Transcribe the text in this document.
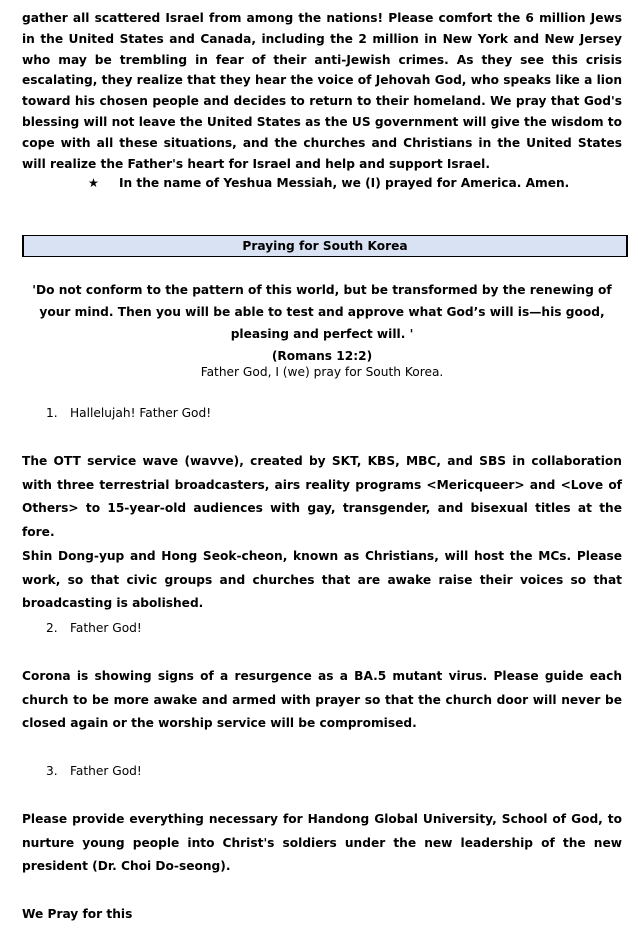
gather all scattered Israel from among the nations! Please comfort the 6 million Jews in the United States and Canada, including the 2 million in New York and New Jersey who may be trembling in fear of their anti-Jewish crimes. As they see this crisis escalating, they realize that they hear the voice of Jehovah God, who speaks like a lion toward his chosen people and decides to return to their homeland. We pray that God's blessing will not leave the United States as the US government will give the wisdom to cope with all these situations, and the churches and Christians in the United States will realize the Father's heart for Israel and help and support Israel.

★ In the name of Yeshua Messiah, we (I) prayed for America. Amen.
Praying for South Korea

'Do not conform to the pattern of this world, but be transformed by the renewing of your mind. Then you will be able to test and approve what God’s will is—his good, pleasing and perfect will. '
(Romans 12:2)

Father God, I (we) pray for South Korea.
1. Hallelujah! Father God!

The OTT service wave (wavve), created by SKT, KBS, MBC, and SBS in collaboration with three terrestrial broadcasters, airs reality programs <Mericqueer> and <Love of Others> to 15-year-old audiences with gay, transgender, and bisexual titles at the fore.

Shin Dong-yup and Hong Seok-cheon, known as Christians, will host the MCs. Please work, so that civic groups and churches that are awake raise their voices so that broadcasting is abolished.

2. Father God!

Corona is showing signs of a resurgence as a BA.5 mutant virus. Please guide each church to be more awake and armed with prayer so that the church door will never be closed again or the worship service will be compromised.

3. Father God!

Please provide everything necessary for Handong Global University, School of God, to nurture young people into Christ's soldiers under the new leadership of the new president (Dr. Choi Do-seong).

We Pray for this
